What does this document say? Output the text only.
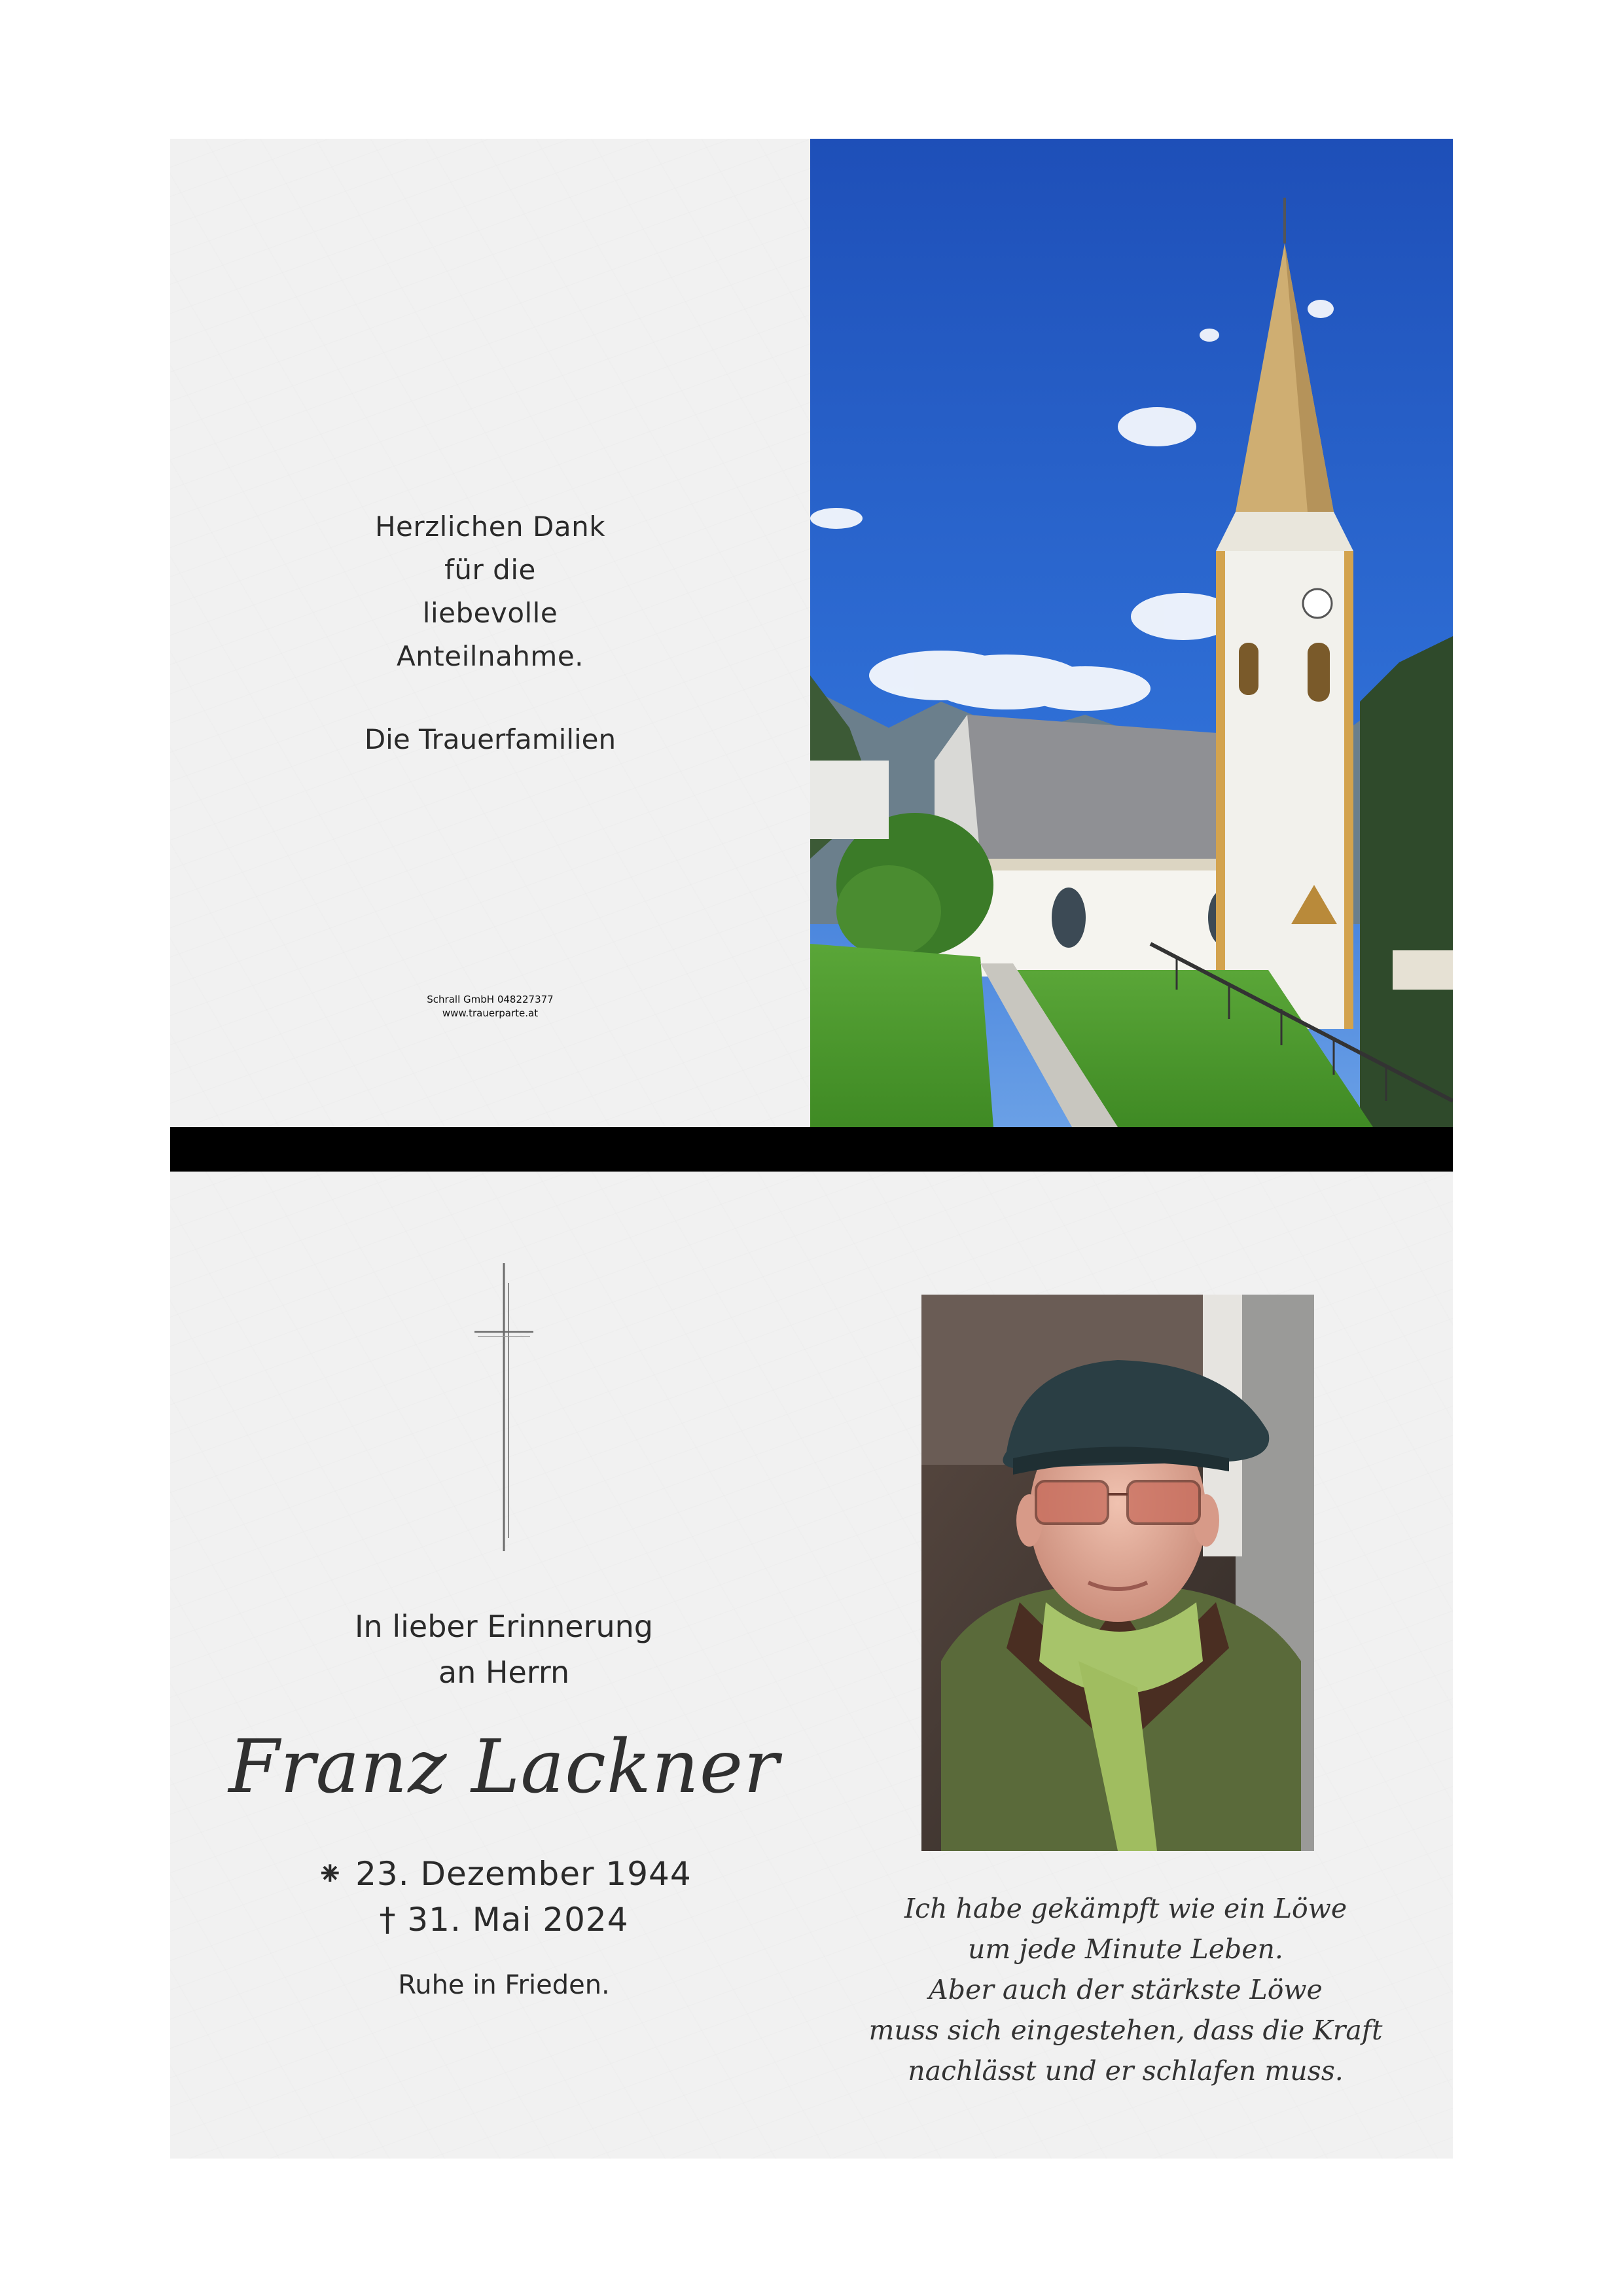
Herzlichen Dank
für die
liebevolle
Anteilnahme.
Die Trauerfamilien
Schrall GmbH 048227377
www.trauerparte.at
In lieber Erinnerung
an Herrn
Franz Lackner
⁕ 23. Dezember 1944
† 31. Mai 2024
Ruhe in Frieden.
Ich habe gekämpft wie ein Löwe
um jede Minute Leben.
Aber auch der stärkste Löwe
muss sich eingestehen, dass die Kraft
nachlässt und er schlafen muss.
